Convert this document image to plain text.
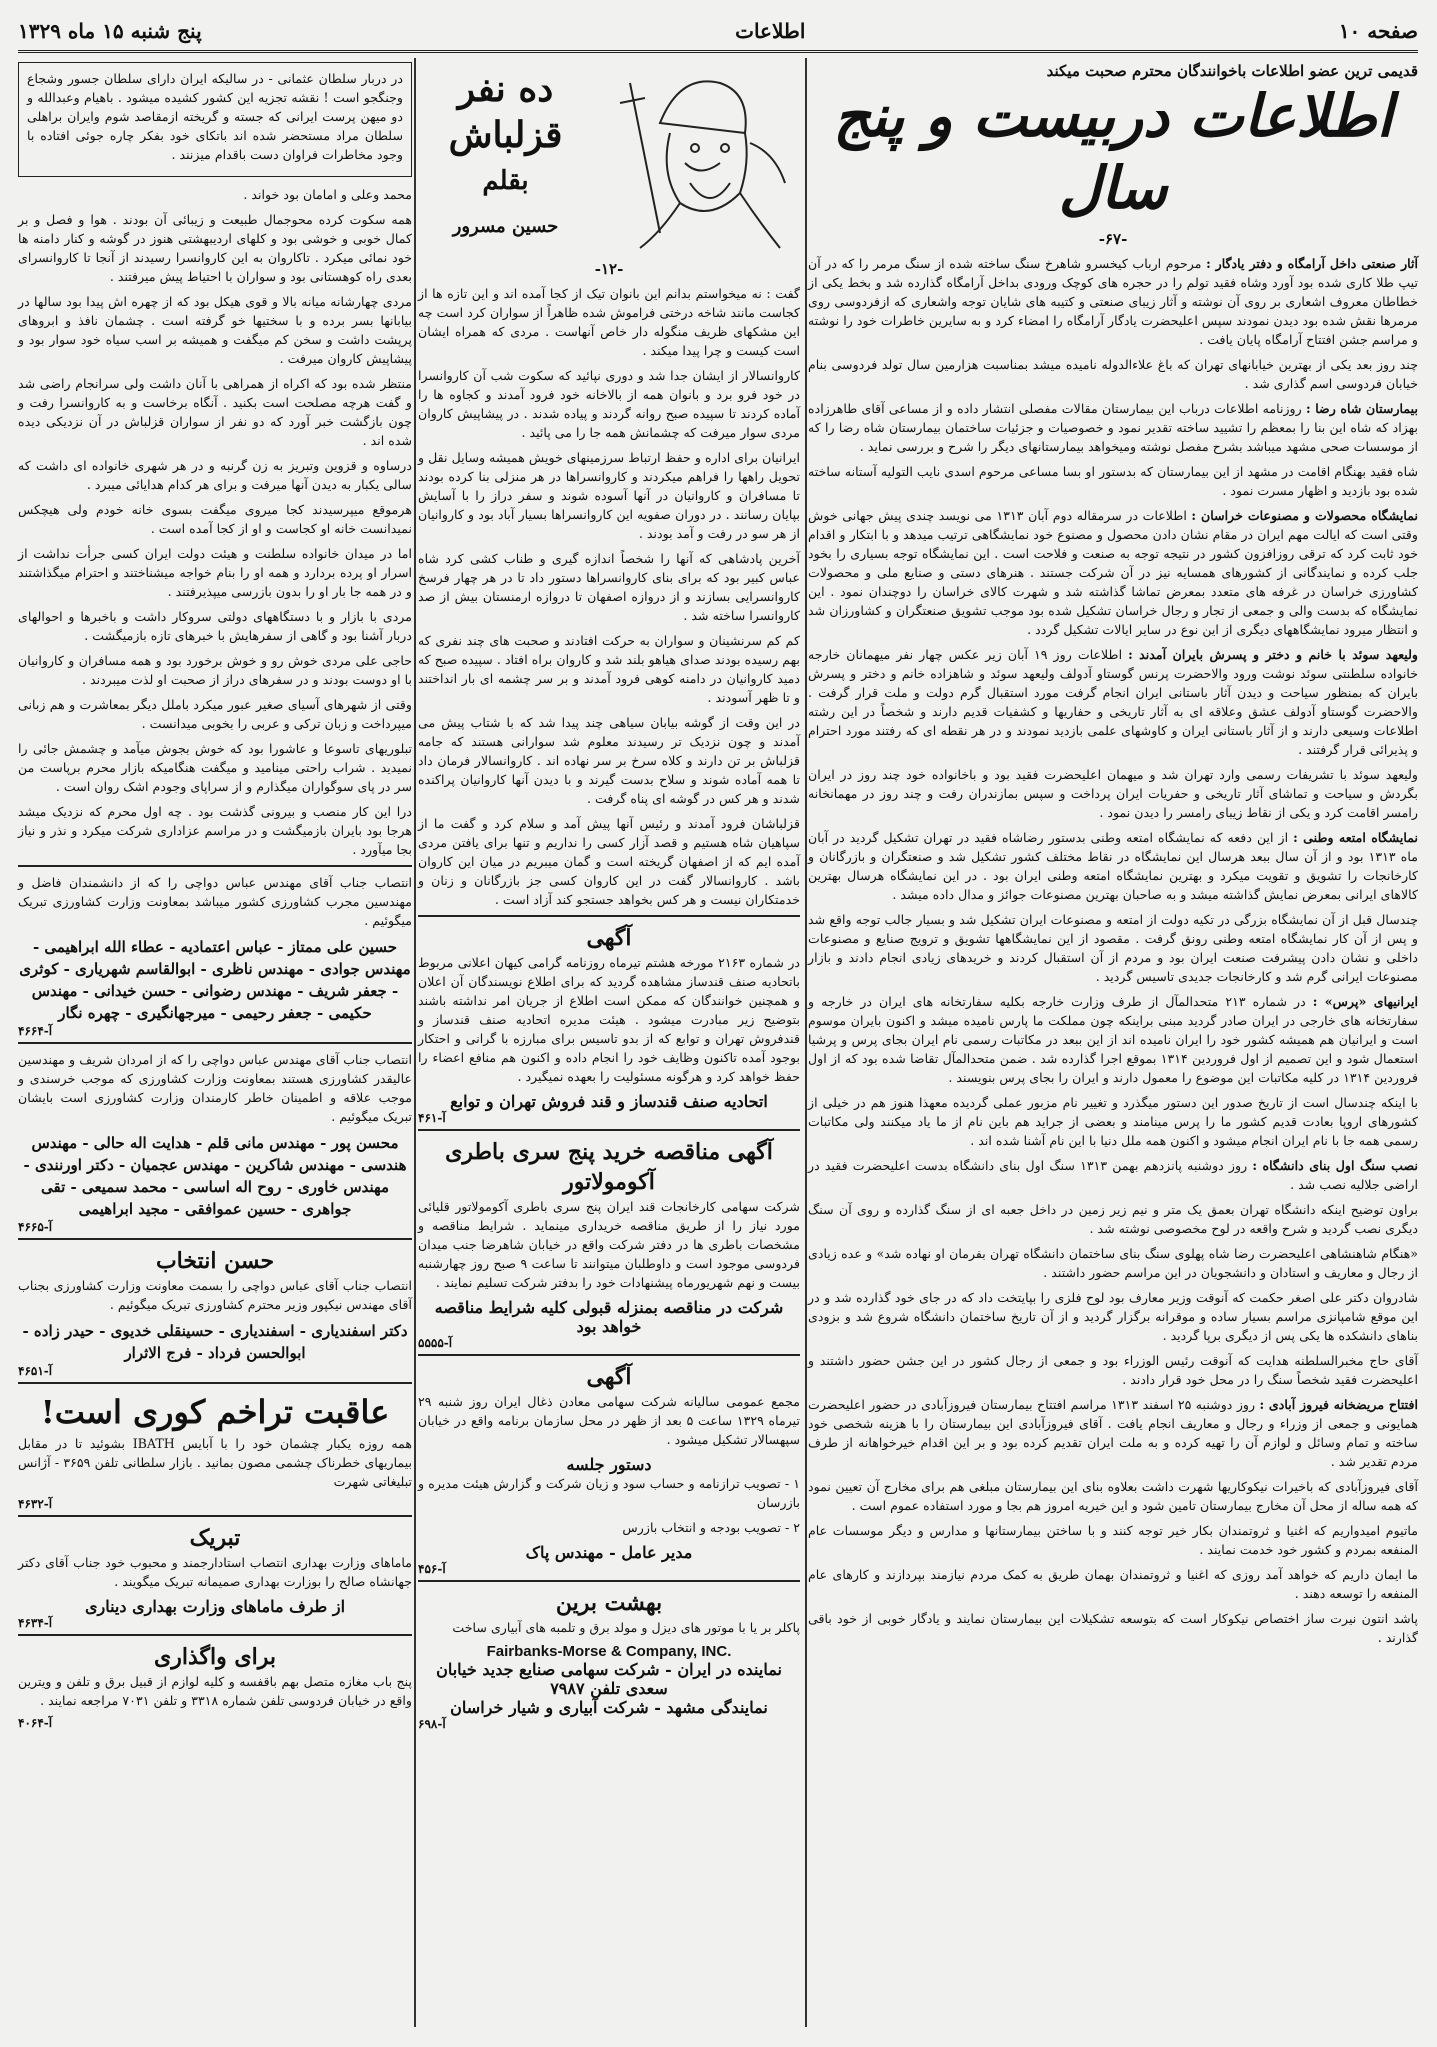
صفحه ۱۰
اطلاعات
پنج شنبه ۱۵ ماه ۱۳۲۹
قدیمی ترین عضو اطلاعات باخوانندگان محترم صحبت میکند
اطلاعات دربیست و پنج سال
-۶۷-

آثار صنعتی داخل آرامگاه و دفتر یادگار : مرحوم ارباب کیخسرو شاهرخ سنگ ساخته شده از سنگ مرمر را که در آن تیپ طلا کاری شده بود آورد وشاه فقید تولم را در حجره های کوچک ورودی بداخل آرامگاه گذارده شد و بخط یکی از خطاطان معروف اشعاری بر روی آن نوشته و آثار زیبای صنعتی و کتیبه های شایان توجه واشعاری که ازفردوسی روی مرمرها نقش شده بود دیدن نمودند سپس اعلیحضرت یادگار آرامگاه را امضاء کرد و به سایرین خاطرات خود را نوشته و مراسم جشن افتتاح آرامگاه پایان یافت .

چند روز بعد یکی از بهترین خیابانهای تهران که باغ علاءالدوله نامیده میشد بمناسبت هزارمین سال تولد فردوسی بنام خیابان فردوسی اسم گذاری شد .

بیمارستان شاه رضا : روزنامه اطلاعات درباب این بیمارستان مقالات مفصلی انتشار داده و از مساعی آقای طاهرزاده بهزاد که شاه این بنا را بمعظم را تشیید ساخته تقدیر نمود و خصوصیات و جزئیات ساختمان بیمارستان شاه رضا را که از موسسات صحی مشهد میباشد بشرح مفصل نوشته ومیخواهد بیمارستانهای دیگر را شرح و بررسی نماید .

شاه فقید بهنگام اقامت در مشهد از این بیمارستان که بدستور او بسا مساعی مرحوم اسدی نایب التولیه آستانه ساخته شده بود بازدید و اظهار مسرت نمود .

نمایشگاه محصولات و مصنوعات خراسان : اطلاعات در سرمقاله دوم آبان ۱۳۱۳ می نویسد چندی پیش جهانی خوش وقتی است که ایالت مهم ایران در مقام نشان دادن محصول و مصنوع خود نمایشگاهی ترتیب میدهد و با ابتکار و اقدام خود ثابت کرد که ترقی روزافزون کشور در نتیجه توجه به صنعت و فلاحت است . این نمایشگاه توجه بسیاری را بخود جلب کرده و نمایندگانی از کشورهای همسایه نیز در آن شرکت جستند . هنرهای دستی و صنایع ملی و محصولات کشاورزی خراسان در غرفه های متعدد بمعرض تماشا گذاشته شد و شهرت کالای خراسان را دوچندان نمود . این نمایشگاه که بدست والی و جمعی از تجار و رجال خراسان تشکیل شده بود موجب تشویق صنعتگران و کشاورزان شد و انتظار میرود نمایشگاههای دیگری از این نوع در سایر ایالات تشکیل گردد .

ولیعهد سوئد با خانم و دختر و پسرش بایران آمدند : اطلاعات روز ۱۹ آبان زیر عکس چهار نفر میهمانان خارجه خانواده سلطنتی سوئد نوشت ورود والاحضرت پرنس گوستاو آدولف ولیعهد سوئد و شاهزاده خانم و دختر و پسرش بایران که بمنظور سیاحت و دیدن آثار باستانی ایران انجام گرفت مورد استقبال گرم دولت و ملت قرار گرفت . والاحضرت گوستاو آدولف عشق وعلاقه ای به آثار تاریخی و حفاریها و کشفیات قدیم دارند و شخصاً در این رشته اطلاعات وسیعی دارند و از آثار باستانی ایران و کاوشهای علمی بازدید نمودند و در هر نقطه ای که رفتند مورد احترام و پذیرائی قرار گرفتند .

ولیعهد سوئد با تشریفات رسمی وارد تهران شد و میهمان اعلیحضرت فقید بود و باخانواده خود چند روز در ایران بگردش و سیاحت و تماشای آثار تاریخی و حفریات ایران پرداخت و سپس بمازندران رفت و چند روز در مهمانخانه رامسر اقامت کرد و یکی از نقاط زیبای رامسر را دیدن نمود .

نمایشگاه امتعه وطنی : از این دفعه که نمایشگاه امتعه وطنی بدستور رضاشاه فقید در تهران تشکیل گردید در آبان ماه ۱۳۱۳ بود و از آن سال ببعد هرسال این نمایشگاه در نقاط مختلف کشور تشکیل شد و صنعتگران و بازرگانان و کارخانجات را تشویق و تقویت میکرد و بهترین نمایشگاه امتعه وطنی ایران بود . در این نمایشگاه هرسال بهترین کالاهای ایرانی بمعرض نمایش گذاشته میشد و به صاحبان بهترین مصنوعات جوائز و مدال داده میشد .

چندسال قبل از آن نمایشگاه بزرگی در تکیه دولت از امتعه و مصنوعات ایران تشکیل شد و بسیار جالب توجه واقع شد و پس از آن کار نمایشگاه امتعه وطنی رونق گرفت . مقصود از این نمایشگاهها تشویق و ترویج صنایع و مصنوعات داخلی و نشان دادن پیشرفت صنعت ایران بود و مردم از آن استقبال کردند و خریدهای زیادی انجام دادند و بازار مصنوعات ایرانی گرم شد و کارخانجات جدیدی تاسیس گردید .

ایرانیهای «پرس» : در شماره ۲۱۳ متحدالمآل از طرف وزارت خارجه بکلیه سفارتخانه های ایران در خارجه و سفارتخانه های خارجی در ایران صادر گردید مبنی براینکه چون مملکت ما پارس نامیده میشد و اکنون بایران موسوم است و ایرانیان هم همیشه کشور خود را ایران نامیده اند از این ببعد در مکاتبات رسمی نام ایران بجای پرس و پرشیا استعمال شود و این تصمیم از اول فروردین ۱۳۱۴ بموقع اجرا گذارده شد . ضمن متحدالمآل تقاضا شده بود که از اول فروردین ۱۳۱۴ در کلیه مکاتبات این موضوع را معمول دارند و ایران را بجای پرس بنویسند .

با اینکه چندسال است از تاریخ صدور این دستور میگذرد و تغییر نام مزبور عملی گردیده معهذا هنوز هم در خیلی از کشورهای اروپا بعادت قدیم کشور ما را پرس مینامند و بعضی از جراید هم باین نام از ما یاد میکنند ولی مکاتبات رسمی همه جا با نام ایران انجام میشود و اکنون همه ملل دنیا با این نام آشنا شده اند .

نصب سنگ اول بنای دانشگاه : روز دوشنبه پانزدهم بهمن ۱۳۱۳ سنگ اول بنای دانشگاه بدست اعلیحضرت فقید در اراضی جلالیه نصب شد .

براون توضیح اینکه دانشگاه تهران بعمق یک متر و نیم زیر زمین در داخل جعبه ای از سنگ گذارده و روی آن سنگ دیگری نصب گردید و شرح واقعه در لوح مخصوصی نوشته شد .

«هنگام شاهنشاهی اعلیحضرت رضا شاه پهلوی سنگ بنای ساختمان دانشگاه تهران بفرمان او نهاده شد» و عده زیادی از رجال و معاریف و استادان و دانشجویان در این مراسم حضور داشتند .

شادروان دکتر علی اصغر حکمت که آنوقت وزیر معارف بود لوح فلزی را بپایتخت داد که در جای خود گذارده شد و در این موقع شامپانزی مراسم بسیار ساده و موقرانه برگزار گردید و از آن تاریخ ساختمان دانشگاه شروع شد و بزودی بناهای دانشکده ها یکی پس از دیگری برپا گردید .

آقای حاج مخبرالسلطنه هدایت که آنوقت رئیس الوزراء بود و جمعی از رجال کشور در این جشن حضور داشتند و اعلیحضرت فقید شخصاً سنگ را در محل خود قرار دادند .

افتتاح مریضخانه فیروز آبادی : روز دوشنبه ۲۵ اسفند ۱۳۱۳ مراسم افتتاح بیمارستان فیروزآبادی در حضور اعلیحضرت همایونی و جمعی از وزراء و رجال و معاریف انجام یافت . آقای فیروزآبادی این بیمارستان را با هزینه شخصی خود ساخته و تمام وسائل و لوازم آن را تهیه کرده و به ملت ایران تقدیم کرده بود و بر این اقدام خیرخواهانه از طرف مردم تقدیر شد .

آقای فیروزآبادی که باخیرات نیکوکاریها شهرت داشت بعلاوه بنای این بیمارستان مبلغی هم برای مخارج آن تعیین نمود که همه ساله از محل آن مخارج بیمارستان تامین شود و این خیریه امروز هم بجا و مورد استفاده عموم است .

ماتیوم امیدواریم که اغنیا و ثروتمندان بکار خیر توجه کنند و با ساختن بیمارستانها و مدارس و دیگر موسسات عام المنفعه بمردم و کشور خود خدمت نمایند .

ما ایمان داریم که خواهد آمد روزی که اغنیا و ثروتمندان بهمان طریق به کمک مردم نیازمند بپردازند و کارهای عام المنفعه را توسعه دهند .

پاشد انتون نیرت ساز اختصاص نیکوکار است که بتوسعه تشکیلات این بیمارستان نمایند و یادگار خوبی از خود باقی گذارند .

ده نفر قزلباش
بقلم
حسین مسرور
-۱۲-

گفت : نه میخواستم بدانم این بانوان تیک از کجا آمده اند و این تازه ها از کجاست مانند شاخه درختی فراموش شده ظاهراً از سواران کرد است چه این مشکهای ظریف منگوله دار خاص آنهاست . مردی که همراه ایشان است کیست و چرا پیدا میکند .

کاروانسالار از ایشان جدا شد و دوری نپائید که سکوت شب آن کاروانسرا در خود فرو برد و بانوان همه از بالاخانه خود فرود آمدند و کجاوه ها را آماده کردند تا سپیده صبح روانه گردند و پیاده شدند . در پیشاپیش کاروان مردی سوار میرفت که چشمانش همه جا را می پائید .

ایرانیان برای اداره و حفظ ارتباط سرزمینهای خویش همیشه وسایل نقل و تحویل راهها را فراهم میکردند و کاروانسراها در هر منزلی بنا کرده بودند تا مسافران و کاروانیان در آنها آسوده شوند و سفر دراز را با آسایش بپایان رسانند . در دوران صفویه این کاروانسراها بسیار آباد بود و کاروانیان از هر سو در رفت و آمد بودند .

آخرین پادشاهی که آنها را شخصاً اندازه گیری و طناب کشی کرد شاه عباس کبیر بود که برای بنای کاروانسراها دستور داد تا در هر چهار فرسخ کاروانسرایی بسازند و از دروازه اصفهان تا دروازه ارمنستان بیش از صد کاروانسرا ساخته شد .

کم کم سرنشینان و سواران به حرکت افتادند و صحبت های چند نفری که بهم رسیده بودند صدای هیاهو بلند شد و کاروان براه افتاد . سپیده صبح که دمید کاروانیان در دامنه کوهی فرود آمدند و بر سر چشمه ای بار انداختند و تا ظهر آسودند .

در این وقت از گوشه بیابان سیاهی چند پیدا شد که با شتاب پیش می آمدند و چون نزدیک تر رسیدند معلوم شد سوارانی هستند که جامه قزلباش بر تن دارند و کلاه سرخ بر سر نهاده اند . کاروانسالار فرمان داد تا همه آماده شوند و سلاح بدست گیرند و با دیدن آنها کاروانیان پراکنده شدند و هر کس در گوشه ای پناه گرفت .

قزلباشان فرود آمدند و رئیس آنها پیش آمد و سلام کرد و گفت ما از سپاهیان شاه هستیم و قصد آزار کسی را نداریم و تنها برای یافتن مردی آمده ایم که از اصفهان گریخته است و گمان میبریم در میان این کاروان باشد . کاروانسالار گفت در این کاروان کسی جز بازرگانان و زنان و خدمتکاران نیست و هر کس بخواهد جستجو کند آزاد است .

آگهی

در شماره ۲۱۶۳ مورخه هشتم تیرماه روزنامه گرامی کیهان اعلانی مربوط باتحادیه صنف قندساز مشاهده گردید که برای اطلاع نویسندگان آن اعلان و همچنین خوانندگان که ممکن است اطلاع از جریان امر نداشته باشند بتوضیح زیر مبادرت میشود . هیئت مدیره اتحادیه صنف قندساز و قندفروش تهران و توابع که از بدو تاسیس برای مبارزه با گرانی و احتکار بوجود آمده تاکنون وظایف خود را انجام داده و اکنون هم منافع اعضاء را حفظ خواهد کرد و هرگونه مسئولیت را بعهده نمیگیرد .

اتحادیه صنف قندساز و قند فروش تهران و توابع
آ-۴۶۱
آگهی مناقصه خرید پنج سری باطری آکومولاتور

شرکت سهامی کارخانجات قند ایران پنج سری باطری آکومولاتور قلیائی مورد نیاز را از طریق مناقصه خریداری مینماید . شرایط مناقصه و مشخصات باطری ها در دفتر شرکت واقع در خیابان شاهرضا جنب میدان فردوسی موجود است و داوطلبان میتوانند تا ساعت ۹ صبح روز چهارشنبه بیست و نهم شهریورماه پیشنهادات خود را بدفتر شرکت تسلیم نمایند .

شرکت در مناقصه بمنزله قبولی کلیه شرایط مناقصه خواهد بود
آ-۵۵۵۵
آگهی

مجمع عمومی سالیانه شرکت سهامی معادن ذغال ایران روز شنبه ۲۹ تیرماه ۱۳۲۹ ساعت ۵ بعد از ظهر در محل سازمان برنامه واقع در خیابان سپهسالار تشکیل میشود .

دستور جلسه

۱ - تصویب ترازنامه و حساب سود و زیان شرکت و گزارش هیئت مدیره و بازرسان

۲ - تصویب بودجه و انتخاب بازرس

مدیر عامل - مهندس پاک
آ-۴۵۶
بهشت برین

پاکلر بر یا با موتور های دیزل و مولد برق و تلمبه های آبیاری ساخت

Fairbanks-Morse & Company, INC.
نماینده در ایران - شرکت سهامی صنایع جدید خیابان سعدی تلفن ۷۹۸۷
نمایندگی مشهد - شرکت آبیاری و شیار خراسان
آ-۶۹۸

در دربار سلطان عثمانی - در سالیکه ایران دارای سلطان جسور وشجاع وجنگجو است ! نقشه تجزیه این کشور کشیده میشود . باهیام وعبدالله و دو میهن پرست ایرانی که جسته و گریخته ازمقاصد شوم وایران براهلی سلطان مراد مستحضر شده اند باتکای خود بفکر چاره جوئی افتاده با وجود مخاطرات فراوان دست باقدام میزنند .

محمد وعلی و امامان بود خواند .

همه سکوت کرده محوجمال طبیعت و زیبائی آن بودند . هوا و فصل و بر کمال خوبی و خوشی بود و کلهای اردیبهشتی هنوز در گوشه و کنار دامنه ها خود نمائی میکرد . تاکاروان به این کاروانسرا رسیدند از آنجا تا کاروانسرای بعدی راه کوهستانی بود و سواران با احتیاط پیش میرفتند .

مردی چهارشانه میانه بالا و قوی هیکل بود که از چهره اش پیدا بود سالها در بیابانها بسر برده و با سختیها خو گرفته است . چشمان نافذ و ابروهای پرپشت داشت و سخن کم میگفت و همیشه بر اسب سیاه خود سوار بود و پیشاپیش کاروان میرفت .

منتظر شده بود که اکراه از همراهی با آنان داشت ولی سرانجام راضی شد و گفت هرچه مصلحت است بکنید . آنگاه برخاست و به کاروانسرا رفت و چون بازگشت خبر آورد که دو نفر از سواران قزلباش در آن نزدیکی دیده شده اند .

درساوه و قزوین وتبریز به زن گرنبه و در هر شهری خانواده ای داشت که سالی یکبار به دیدن آنها میرفت و برای هر کدام هدایائی میبرد .

هرموقع میپرسیدند کجا میروی میگفت بسوی خانه خودم ولی هیچکس نمیدانست خانه او کجاست و او از کجا آمده است .

اما در میدان خانواده سلطنت و هیئت دولت ایران کسی جرأت نداشت از اسرار او پرده بردارد و همه او را بنام خواجه میشناختند و احترام میگذاشتند و در همه جا بار او را بدون بازرسی میپذیرفتند .

مردی با بازار و با دستگاههای دولتی سروکار داشت و باخبرها و احوالهای دربار آشنا بود و گاهی از سفرهایش با خبرهای تازه بازمیگشت .

حاجی علی مردی خوش رو و خوش برخورد بود و همه مسافران و کاروانیان با او دوست بودند و در سفرهای دراز از صحبت او لذت میبردند .

وقتی از شهرهای آسیای صغیر عبور میکرد باملل دیگر بمعاشرت و هم زبانی میپرداخت و زبان ترکی و عربی را بخوبی میدانست .

تبلوریهای تاسوعا و عاشورا بود که خوش بجوش میآمد و چشمش جائی را نمیدید . شراب راحتی مینامید و میگفت هنگامیکه بازار محرم برپاست من سر در پای سوگواران میگذارم و از سراپای وجودم اشک روان است .

درا این کار منصب و بیرونی گذشت بود . چه اول محرم که نزدیک میشد هرجا بود بایران بازمیگشت و در مراسم عزاداری شرکت میکرد و نذر و نیاز بجا میآورد .

انتصاب جناب آقای مهندس عباس دواچی را که از دانشمندان فاضل و مهندسین مجرب کشاورزی کشور میباشد بمعاونت وزارت کشاورزی تبریک میگوئیم .

حسین علی ممتاز - عباس اعتمادیه - عطاء الله ابراهیمی - مهندس جوادی - مهندس ناظری - ابوالقاسم شهریاری - کوثری - جعفر شریف - مهندس رضوانی - حسن خیدانی - مهندس حکیمی - جعفر رحیمی - میرجهانگیری - چهره نگار
آ-۴۶۶۴

انتصاب جناب آقای مهندس عباس دواچی را که از امردان شریف و مهندسین عالیقدر کشاورزی هستند بمعاونت وزارت کشاورزی که موجب خرسندی و موجب علاقه و اطمینان خاطر کارمندان وزارت کشاورزی است بایشان تبریک میگوئیم .

محسن پور - مهندس مانی قلم - هدایت اله حالی - مهندس هندسی - مهندس شاکرین - مهندس عجمیان - دکتر اورنندی - مهندس خاوری - روح اله اساسی - محمد سمیعی - تقی جواهری - حسین عموافقی - مجید ابراهیمی
آ-۴۶۶۵
حسن انتخاب

انتصاب جناب آقای عباس دواچی را بسمت معاونت وزارت کشاورزی بجناب آقای مهندس نیکپور وزیر محترم کشاورزی تبریک میگوئیم .

دکتر اسفندیاری - اسفندیاری - حسینقلی خدیوی - حیدر زاده - ابوالحسن فرداد - فرج الاثرار
آ-۴۶۵۱
عاقبت تراخم کوری است!

همه روزه یکبار چشمان خود را با آبایس IBATH بشوئید تا در مقابل بیماریهای خطرناک چشمی مصون بمانید . بازار سلطانی تلفن ۳۶۵۹ - آژانس تبلیغاتی شهرت

آ-۴۶۳۲
تبریک

ماماهای وزارت بهداری انتصاب استادارجمند و محبوب خود جناب آقای دکتر جهانشاه صالح را بوزارت بهداری صمیمانه تبریک میگویند .

از طرف ماماهای وزارت بهداری دیناری
آ-۴۶۳۴
برای واگذاری

پنج باب مغازه متصل بهم باقفسه و کلیه لوازم از قبیل برق و تلفن و ویترین واقع در خیابان فردوسی تلفن شماره ۳۳۱۸ و تلفن ۷۰۳۱ مراجعه نمایند .

آ-۴۰۶۴
